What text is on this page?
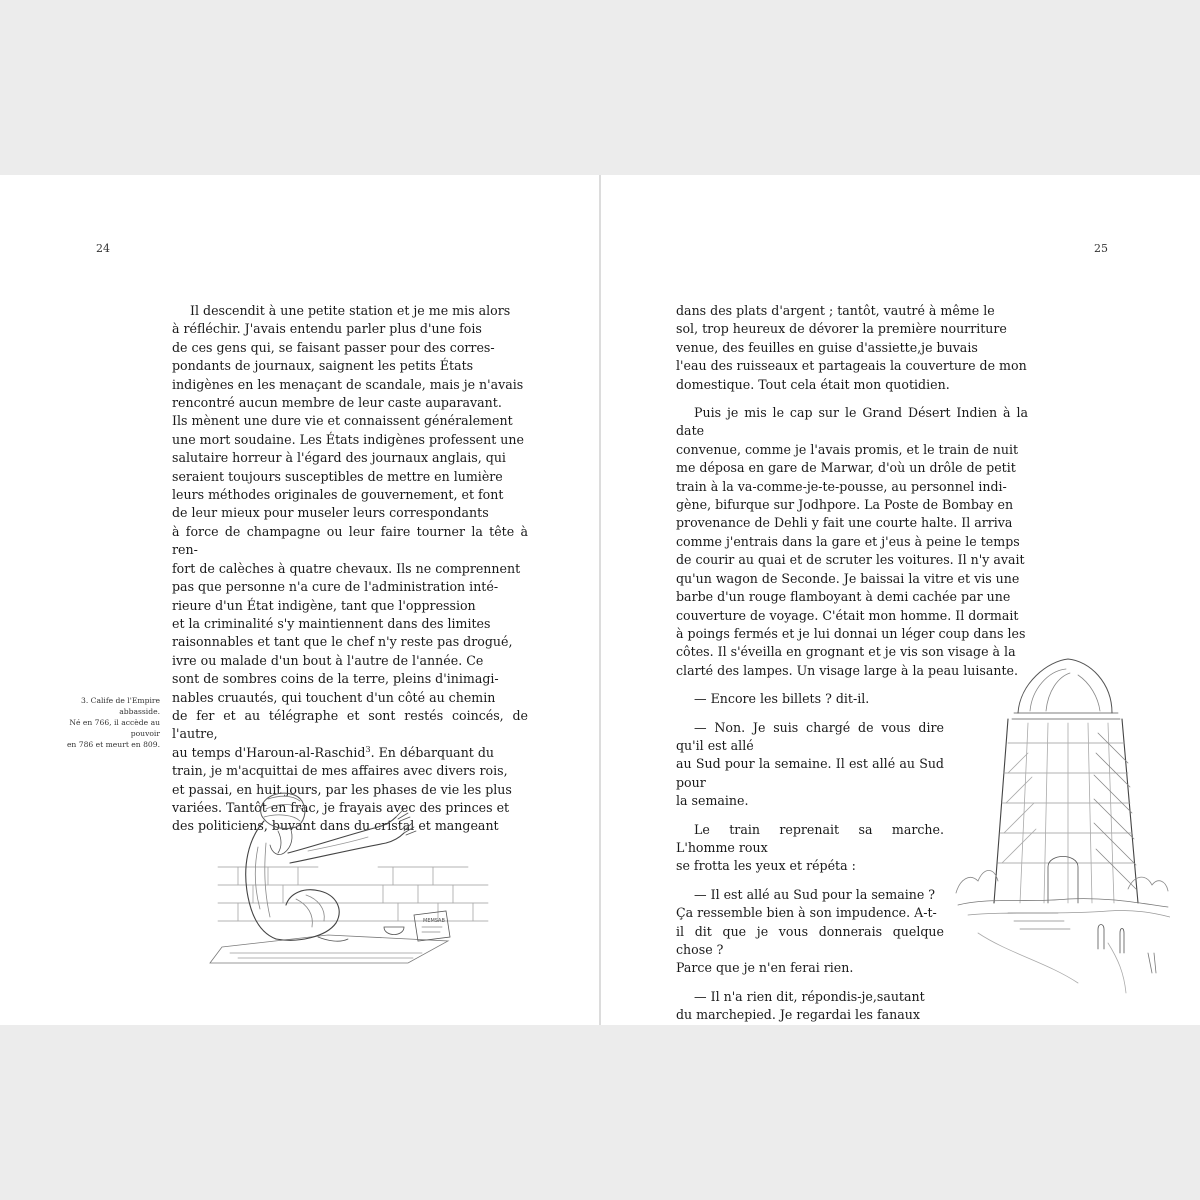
24

Il descendit à une petite station et je me mis alors

à réfléchir. J'avais entendu parler plus d'une fois

de ces gens qui, se faisant passer pour des corres-

pondants de journaux, saignent les petits États

indigènes en les menaçant de scandale, mais je n'avais

rencontré aucun membre de leur caste auparavant.

Ils mènent une dure vie et connaissent généralement

une mort soudaine. Les États indigènes professent une

salutaire horreur à l'égard des journaux anglais, qui

seraient toujours susceptibles de mettre en lumière

leurs méthodes originales de gouvernement, et font

de leur mieux pour museler leurs correspondants

à force de champagne ou leur faire tourner la tête à ren-

fort de calèches à quatre chevaux. Ils ne comprennent

pas que personne n'a cure de l'administration inté-

rieure d'un État indigène, tant que l'oppression

et la criminalité s'y maintiennent dans des limites

raisonnables et tant que le chef n'y reste pas drogué,

ivre ou malade d'un bout à l'autre de l'année. Ce

sont de sombres coins de la terre, pleins d'inimagi-

nables cruautés, qui touchent d'un côté au chemin

de fer et au télégraphe et sont restés coincés, de l'autre,

au temps d'Haroun-al-Raschid$^3$. En débarquant du

train, je m'acquittai de mes affaires avec divers rois,

et passai, en huit jours, par les phases de vie les plus

variées. Tantôt en frac, je frayais avec des princes et

des politiciens, buvant dans du cristal et mangeant

3. Calife de l'Empire abbasside.
Né en 766, il accède au pouvoir
en 786 et meurt en 809.
MEMSAB
25

dans des plats d'argent ; tantôt, vautré à même le

sol, trop heureux de dévorer la première nourriture

venue, des feuilles en guise d'assiette,je buvais

l'eau des ruisseaux et partageais la couverture de mon

domestique. Tout cela était mon quotidien.

Puis je mis le cap sur le Grand Désert Indien à la date

convenue, comme je l'avais promis, et le train de nuit

me déposa en gare de Marwar, d'où un drôle de petit

train à la va-comme-je-te-pousse, au personnel indi-

gène, bifurque sur Jodhpore. La Poste de Bombay en

provenance de Dehli y fait une courte halte. Il arriva

comme j'entrais dans la gare et j'eus à peine le temps

de courir au quai et de scruter les voitures. Il n'y avait

qu'un wagon de Seconde. Je baissai la vitre et vis une

barbe d'un rouge flamboyant à demi cachée par une

couverture de voyage. C'était mon homme. Il dormait

à poings fermés et je lui donnai un léger coup dans les

côtes. Il s'éveilla en grognant et je vis son visage à la

clarté des lampes. Un visage large à la peau luisante.

— Encore les billets ? dit-il.

— Non. Je suis chargé de vous dire qu'il est allé

au Sud pour la semaine. Il est allé au Sud pour

la semaine.

Le train reprenait sa marche. L'homme roux

se frotta les yeux et répéta :

— Il est allé au Sud pour la semaine ?

Ça ressemble bien à son impudence. A-t-

il dit que je vous donnerais quelque chose ?

Parce que je n'en ferai rien.

— Il n'a rien dit, répondis-je,sautant

du marchepied. Je regardai les fanaux
